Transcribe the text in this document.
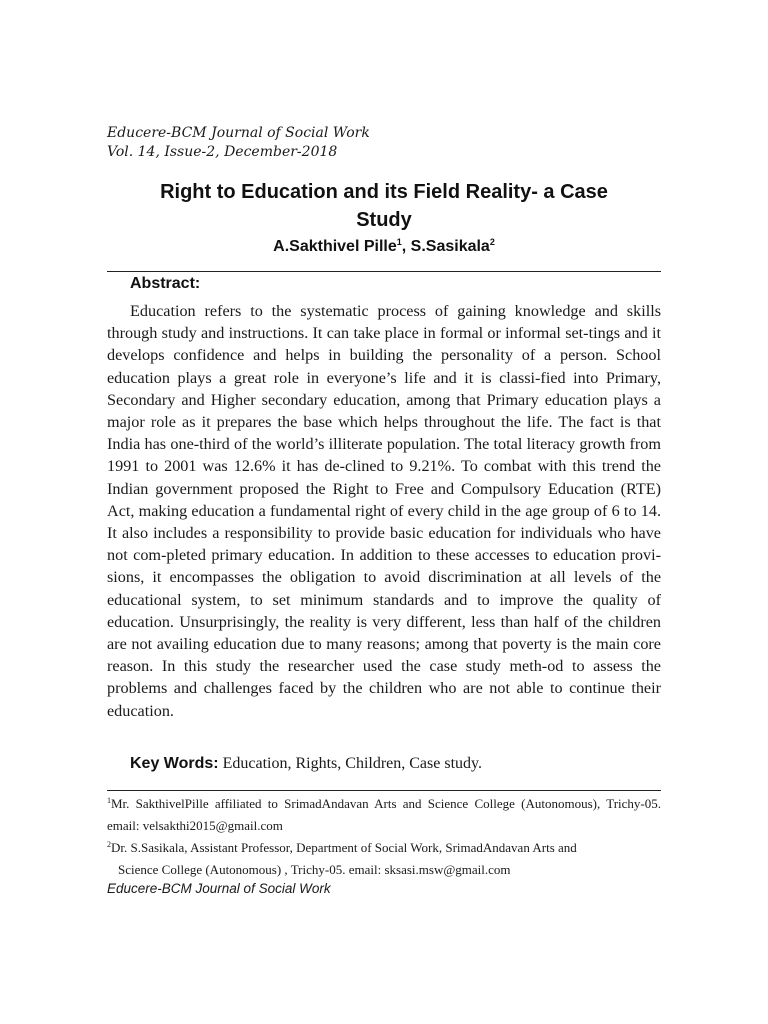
Educere-BCM Journal of Social Work
Vol. 14, Issue-2, December-2018
Right to Education and its Field Reality- a Case
Study
A.Sakthivel Pille$^1$, S.Sasikala$^2$
Abstract:

Education refers to the systematic process of gaining knowledge and skills through study and instructions. It can take place in formal or informal set-tings and it develops confidence and helps in building the personality of a person. School education plays a great role in everyone’s life and it is classi-fied into Primary, Secondary and Higher secondary education, among that Primary education plays a major role as it prepares the base which helps throughout the life. The fact is that India has one-third of the world’s illiterate population. The total literacy growth from 1991 to 2001 was 12.6% it has de-clined to 9.21%. To combat with this trend the Indian government proposed the Right to Free and Compulsory Education (RTE) Act, making education a fundamental right of every child in the age group of 6 to 14. It also includes a responsibility to provide basic education for individuals who have not com-pleted primary education. In addition to these accesses to education provi-sions, it encompasses the obligation to avoid discrimination at all levels of the educational system, to set minimum standards and to improve the quality of education. Unsurprisingly, the reality is very different, less than half of the children are not availing education due to many reasons; among that poverty is the main core reason. In this study the researcher used the case study meth-od to assess the problems and challenges faced by the children who are not able to continue their education.

Key Words: Education, Rights, Children, Case study.
$^1$Mr. SakthivelPille affiliated to SrimadAndavan Arts and Science College (Autonomous), Trichy-05. email: velsakthi2015@gmail.com
$^2$Dr. S.Sasikala, Assistant Professor, Department of Social Work, SrimadAndavan Arts and
Science College (Autonomous) , Trichy-05. email: sksasi.msw@gmail.com
Educere-BCM Journal of Social Work
